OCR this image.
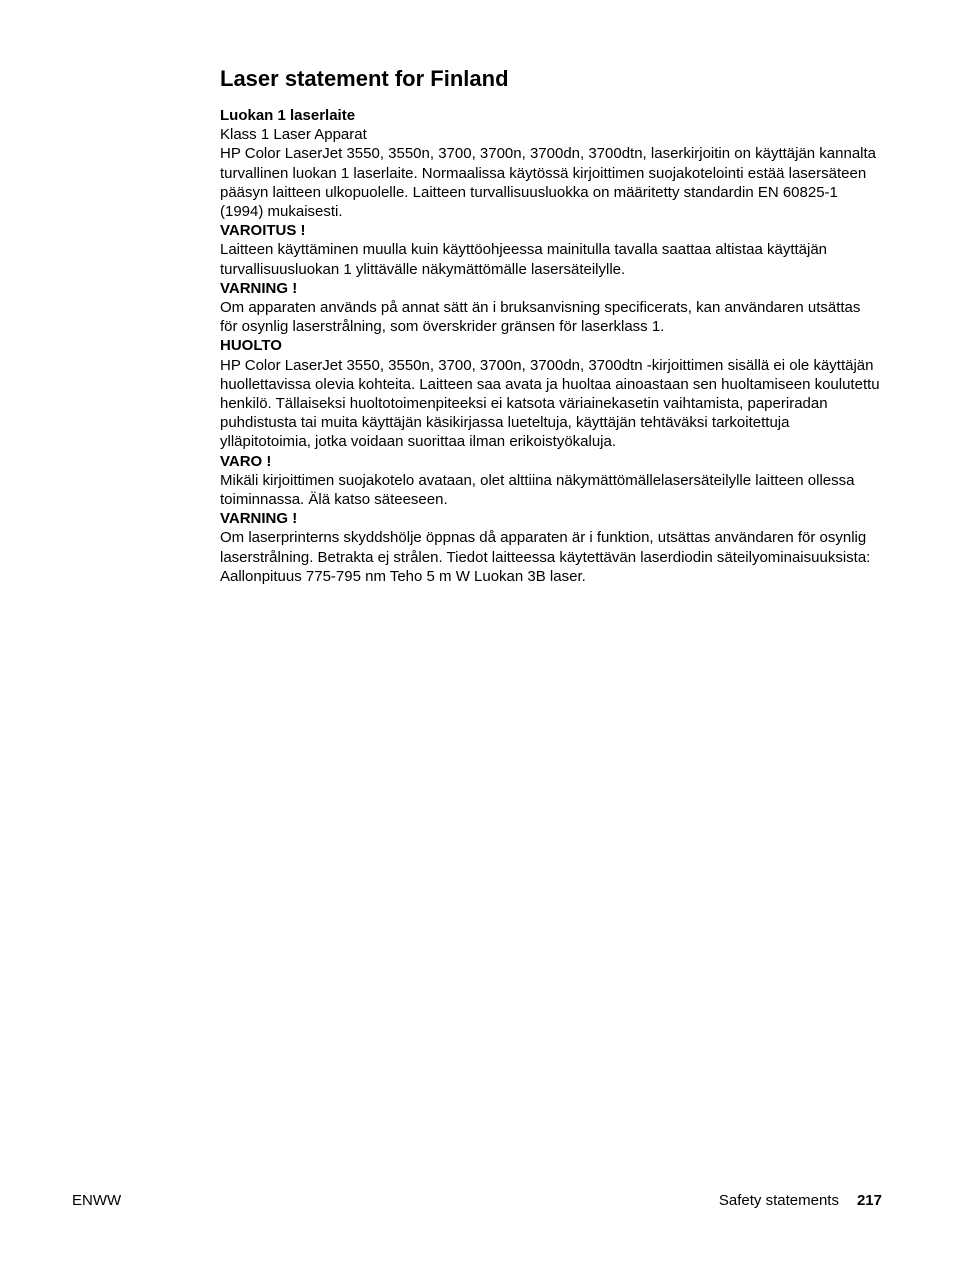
Laser statement for Finland

Luokan 1 laserlaite

Klass 1 Laser Apparat

HP Color LaserJet 3550, 3550n, 3700, 3700n, 3700dn, 3700dtn, laserkirjoitin on käyttäjän kannalta turvallinen luokan 1 laserlaite. Normaalissa käytössä kirjoittimen suojakotelointi estää lasersäteen pääsyn laitteen ulkopuolelle. Laitteen turvallisuusluokka on määritetty standardin EN 60825-1 (1994) mukaisesti.

VAROITUS !

Laitteen käyttäminen muulla kuin käyttöohjeessa mainitulla tavalla saattaa altistaa käyttäjän turvallisuusluokan 1 ylittävälle näkymättömälle lasersäteilylle.

VARNING !

Om apparaten används på annat sätt än i bruksanvisning specificerats, kan användaren utsättas för osynlig laserstrålning, som överskrider gränsen för laserklass 1.

HUOLTO

HP Color LaserJet 3550, 3550n, 3700, 3700n, 3700dn, 3700dtn -kirjoittimen sisällä ei ole käyttäjän huollettavissa olevia kohteita. Laitteen saa avata ja huoltaa ainoastaan sen huoltamiseen koulutettu henkilö. Tällaiseksi huoltotoimenpiteeksi ei katsota väriainekasetin vaihtamista, paperiradan puhdistusta tai muita käyttäjän käsikirjassa lueteltuja, käyttäjän tehtäväksi tarkoitettuja ylläpitotoimia, jotka voidaan suorittaa ilman erikoistyökaluja.

VARO !

Mikäli kirjoittimen suojakotelo avataan, olet alttiina näkymättömällelasersäteilylle laitteen ollessa toiminnassa. Älä katso säteeseen.

VARNING !

Om laserprinterns skyddshölje öppnas då apparaten är i funktion, utsättas användaren för osynlig laserstrålning. Betrakta ej strålen. Tiedot laitteessa käytettävän laserdiodin säteilyominaisuuksista: Aallonpituus 775-795 nm Teho 5 m W Luokan 3B laser.

ENWW	Safety statements 217
